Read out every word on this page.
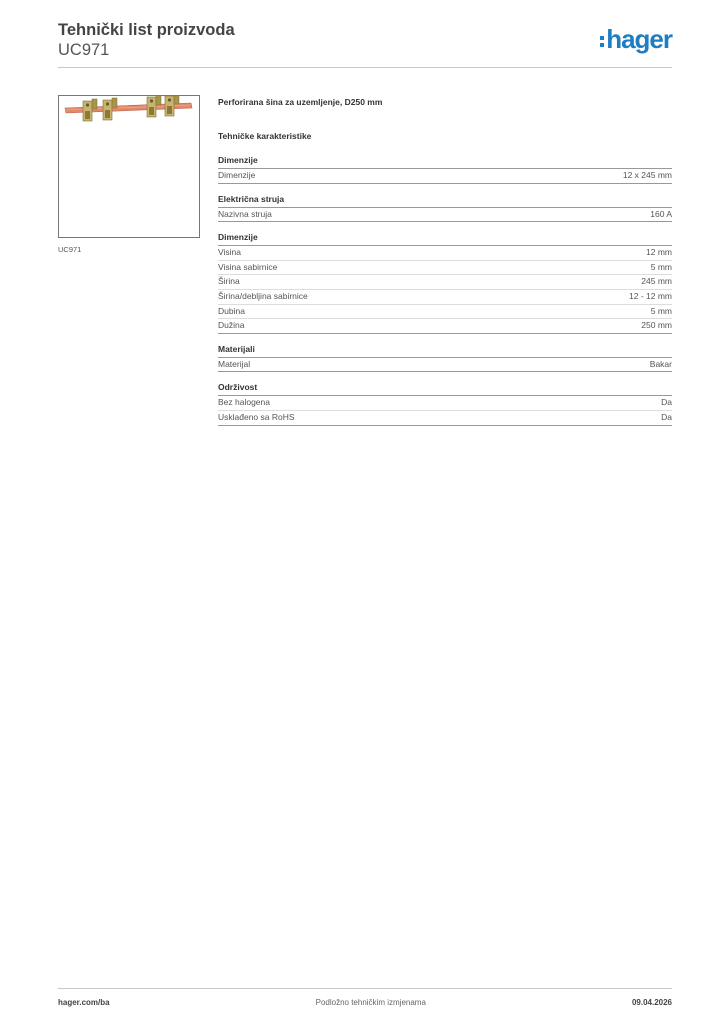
Tehnički list proizvoda
UC971	hager
UC971
Perforirana šina za uzemljenje, D250 mm
Tehničke karakteristike
Dimenzije
Dimenzije	12 x 245 mm
Električna struja
Nazivna struja	160 A
Dimenzije
Visina	12 mm
Visina sabirnice	5 mm
Širina	245 mm
Širina/debljina sabirnice	12 - 12 mm
Dubina	5 mm
Dužina	250 mm
Materijali
Materijal	Bakar
Održivost
Bez halogena	Da
Usklađeno sa RoHS	Da
hager.com/ba	Podložno tehničkim izmjenama	09.04.2026
